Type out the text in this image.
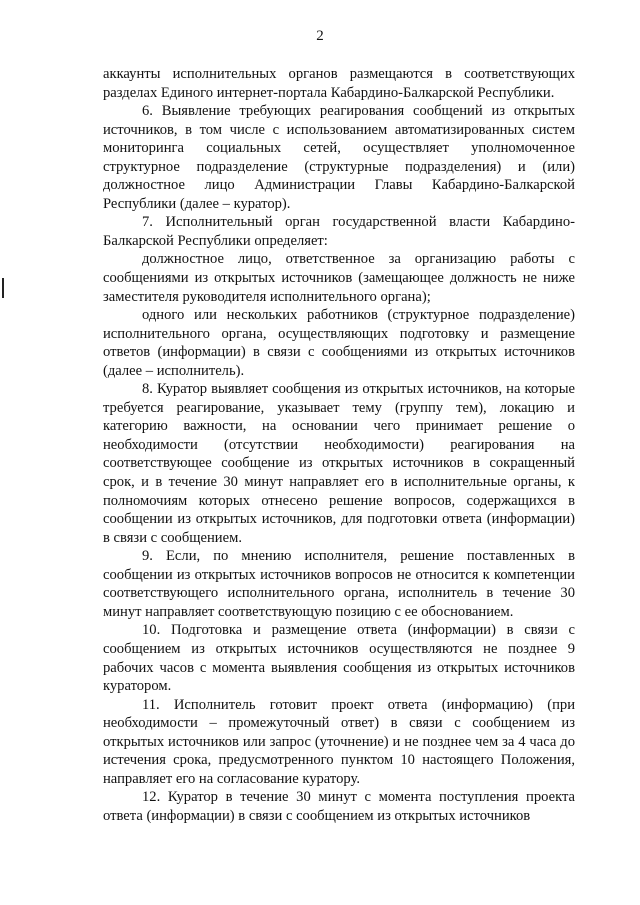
2

аккаунты исполнительных органов размещаются в соответствующих разделах Единого интернет-портала Кабардино-Балкарской Республики.

6. Выявление требующих реагирования сообщений из открытых источников, в том числе с использованием автоматизированных систем мониторинга социальных сетей, осуществляет уполномоченное структурное подразделение (структурные подразделения) и (или) должностное лицо Администрации Главы Кабардино-Балкарской Республики (далее – куратор).

7. Исполнительный орган государственной власти Кабардино-Балкарской Республики определяет:

должностное лицо, ответственное за организацию работы с сообщениями из открытых источников (замещающее должность не ниже заместителя руководителя исполнительного органа);

одного или нескольких работников (структурное подразделение) исполнительного органа, осуществляющих подготовку и размещение ответов (информации) в связи с сообщениями из открытых источников (далее – исполнитель).

8. Куратор выявляет сообщения из открытых источников, на которые требуется реагирование, указывает тему (группу тем), локацию и категорию важности, на основании чего принимает решение о необходимости (отсутствии необходимости) реагирования на соответствующее сообщение из открытых источников в сокращенный срок, и в течение 30 минут направляет его в исполнительные органы, к полномочиям которых отнесено решение вопросов, содержащихся в сообщении из открытых источников, для подготовки ответа (информации) в связи с сообщением.

9. Если, по мнению исполнителя, решение поставленных в сообщении из открытых источников вопросов не относится к компетенции соответствующего исполнительного органа, исполнитель в течение 30 минут направляет соответствующую позицию с ее обоснованием.

10. Подготовка и размещение ответа (информации) в связи с сообщением из открытых источников осуществляются не позднее 9 рабочих часов с момента выявления сообщения из открытых источников куратором.

11. Исполнитель готовит проект ответа (информацию) (при необходимости – промежуточный ответ) в связи с сообщением из открытых источников или запрос (уточнение) и не позднее чем за 4 часа до истечения срока, предусмотренного пунктом 10 настоящего Положения, направляет его на согласование куратору.

12. Куратор в течение 30 минут с момента поступления проекта ответа (информации) в связи с сообщением из открытых источников
